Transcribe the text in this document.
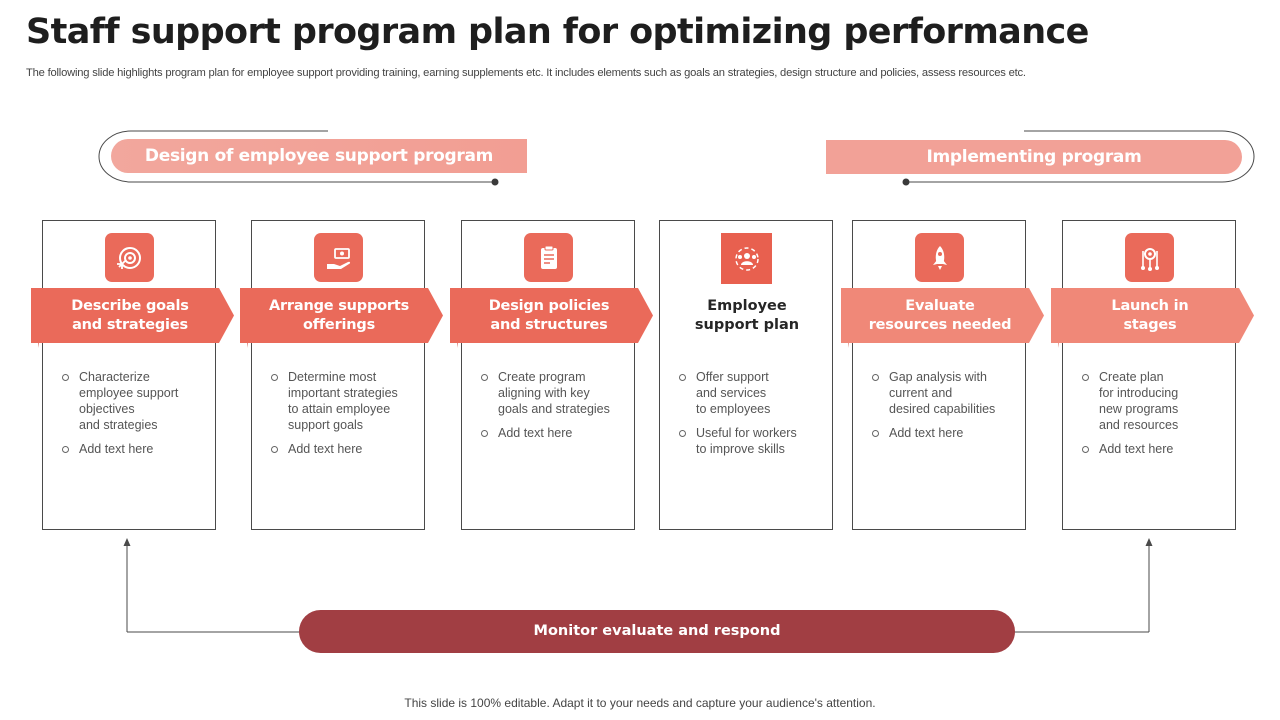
Staff support program plan for optimizing performance
The following slide highlights program plan for employee support providing training, earning supplements etc. It includes elements such as goals an strategies, design structure and policies, assess resources etc.
Design of employee support program	Implementing program
Characterize
employee support
objectives
and strategies
Add text here
Determine most
important strategies
to attain employee
support goals
Add text here
Create program
aligning with key
goals and strategies
Add text here
Offer support
and services
to employees
Useful for workers
to improve skills
Gap analysis with
current and
desired capabilities
Add text here
Create plan
for introducing
new programs
and resources
Add text here
Describe goals
and strategies
Arrange supports
offerings
Design policies
and structures
Employee
support plan
Evaluate
resources needed
Launch in
stages
Monitor evaluate and respond
This slide is 100% editable. Adapt it to your needs and capture your audience's attention.
